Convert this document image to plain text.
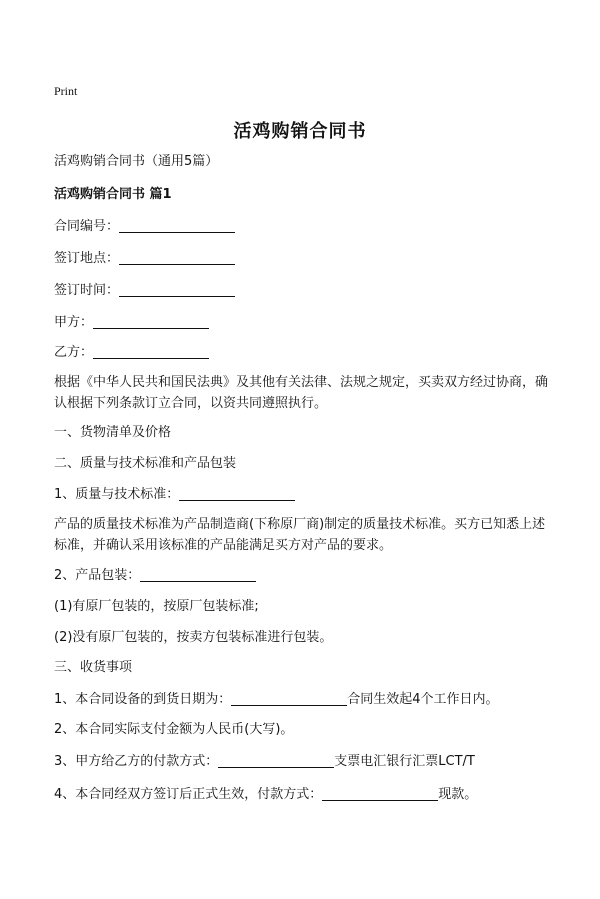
Print
活鸡购销合同书
活鸡购销合同书（通用5篇）
活鸡购销合同书 篇1
合同编号：
签订地点：
签订时间：
甲方：
乙方：
根据《中华人民共和国民法典》及其他有关法律、法规之规定，买卖双方经过协商，确认根据下列条款订立合同，以资共同遵照执行。
一、货物清单及价格
二、质量与技术标准和产品包装
1、质量与技术标准：
产品的质量技术标准为产品制造商(下称原厂商)制定的质量技术标准。买方已知悉上述标准，并确认采用该标准的产品能满足买方对产品的要求。
2、产品包装：
(1)有原厂包装的，按原厂包装标准;
(2)没有原厂包装的，按卖方包装标准进行包装。
三、收货事项
1、本合同设备的到货日期为：	合同生效起4个工作日内。
2、本合同实际支付金额为人民币(大写)。
3、甲方给乙方的付款方式：	支票电汇银行汇票LCT/T
4、本合同经双方签订后正式生效，付款方式：	现款。
